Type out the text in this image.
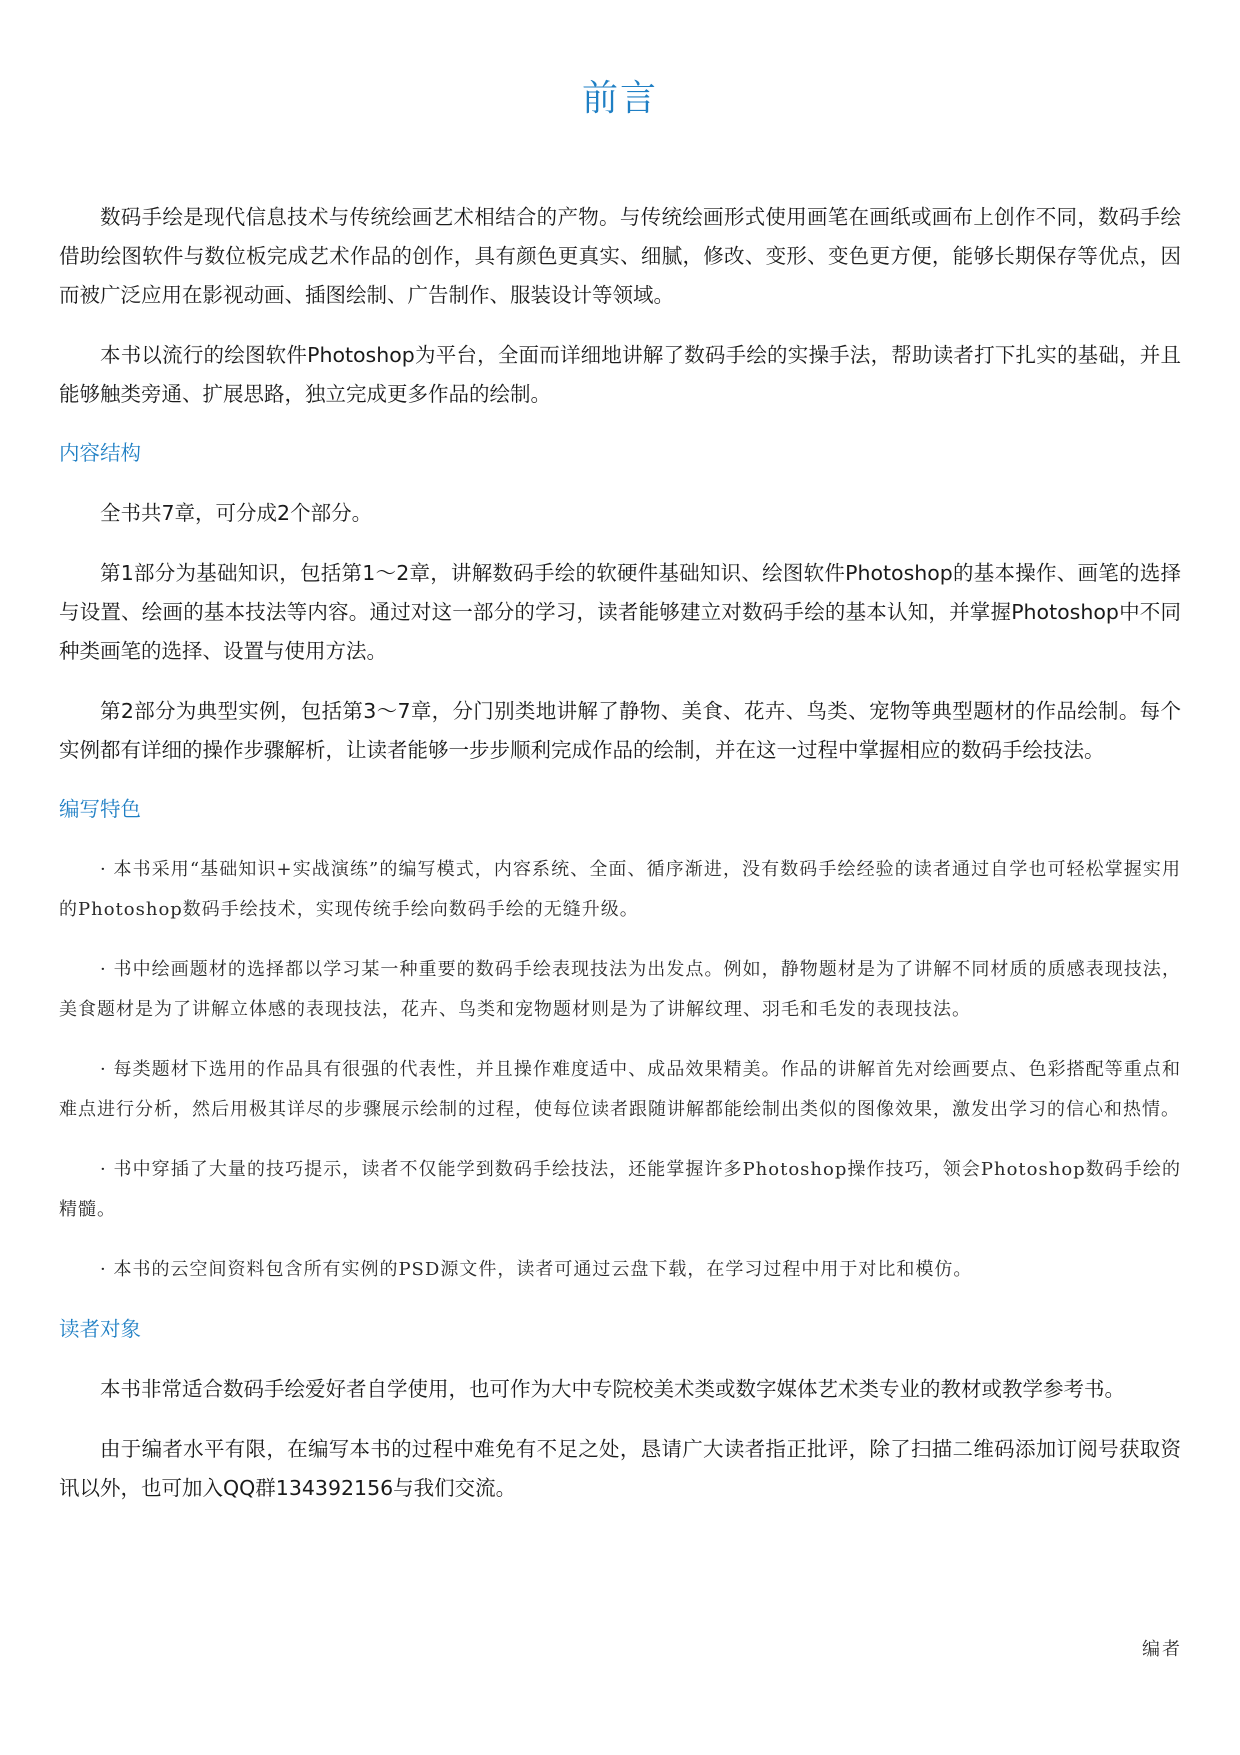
前言

数码手绘是现代信息技术与传统绘画艺术相结合的产物。与传统绘画形式使用画笔在画纸或画布上创作不同，数码手绘借助绘图软件与数位板完成艺术作品的创作，具有颜色更真实、细腻，修改、变形、变色更方便，能够长期保存等优点，因而被广泛应用在影视动画、插图绘制、广告制作、服装设计等领域。

本书以流行的绘图软件Photoshop为平台，全面而详细地讲解了数码手绘的实操手法，帮助读者打下扎实的基础，并且能够触类旁通、扩展思路，独立完成更多作品的绘制。

内容结构

全书共7章，可分成2个部分。

第1部分为基础知识，包括第1～2章，讲解数码手绘的软硬件基础知识、绘图软件Photoshop的基本操作、画笔的选择与设置、绘画的基本技法等内容。通过对这一部分的学习，读者能够建立对数码手绘的基本认知，并掌握Photoshop中不同种类画笔的选择、设置与使用方法。

第2部分为典型实例，包括第3～7章，分门别类地讲解了静物、美食、花卉、鸟类、宠物等典型题材的作品绘制。每个实例都有详细的操作步骤解析，让读者能够一步步顺利完成作品的绘制，并在这一过程中掌握相应的数码手绘技法。

编写特色

· 本书采用“基础知识+实战演练”的编写模式，内容系统、全面、循序渐进，没有数码手绘经验的读者通过自学也可轻松掌握实用的Photoshop数码手绘技术，实现传统手绘向数码手绘的无缝升级。

· 书中绘画题材的选择都以学习某一种重要的数码手绘表现技法为出发点。例如，静物题材是为了讲解不同材质的质感表现技法，美食题材是为了讲解立体感的表现技法，花卉、鸟类和宠物题材则是为了讲解纹理、羽毛和毛发的表现技法。

· 每类题材下选用的作品具有很强的代表性，并且操作难度适中、成品效果精美。作品的讲解首先对绘画要点、色彩搭配等重点和难点进行分析，然后用极其详尽的步骤展示绘制的过程，使每位读者跟随讲解都能绘制出类似的图像效果，激发出学习的信心和热情。

· 书中穿插了大量的技巧提示，读者不仅能学到数码手绘技法，还能掌握许多Photoshop操作技巧，领会Photoshop数码手绘的精髓。

· 本书的云空间资料包含所有实例的PSD源文件，读者可通过云盘下载，在学习过程中用于对比和模仿。

读者对象

本书非常适合数码手绘爱好者自学使用，也可作为大中专院校美术类或数字媒体艺术类专业的教材或教学参考书。

由于编者水平有限，在编写本书的过程中难免有不足之处，恳请广大读者指正批评，除了扫描二维码添加订阅号获取资讯以外，也可加入QQ群134392156与我们交流。

编者
